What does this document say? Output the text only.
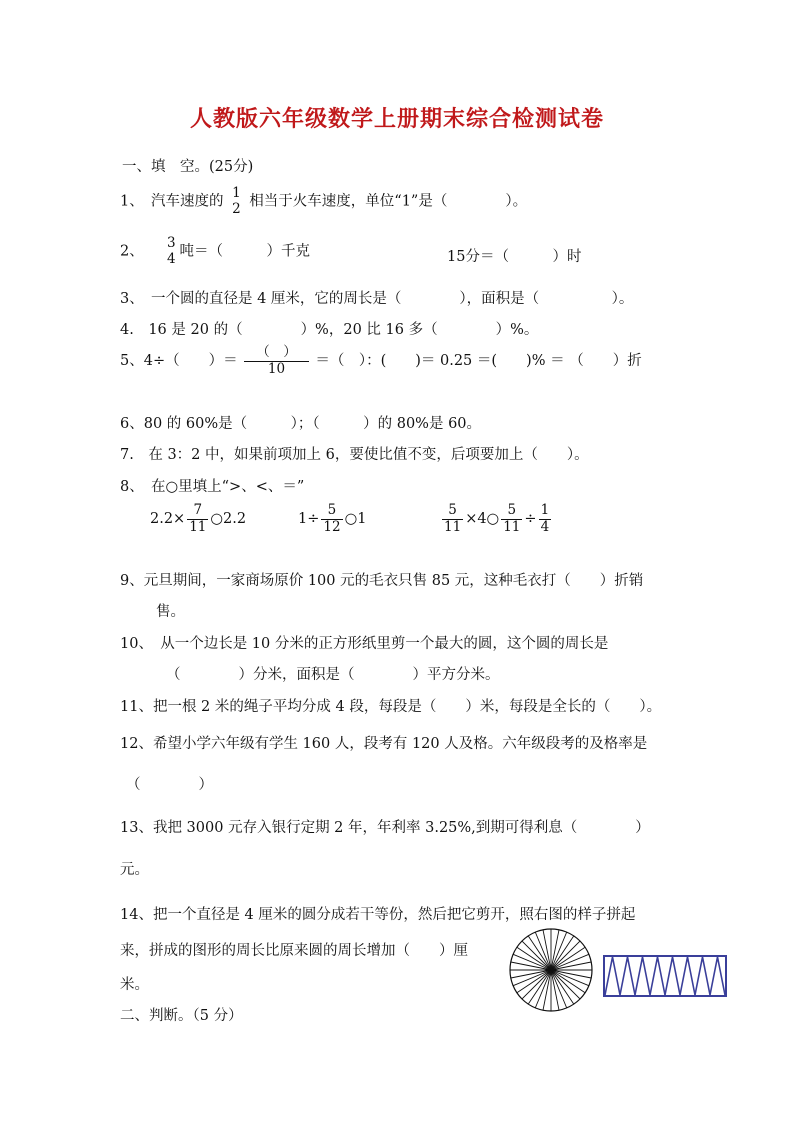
人教版六年级数学上册期末综合检测试卷
一、填　空。(25分)
1、　汽车速度的
1
2 相当于火车速度，单位“1”是（　　　　）。
2、
3
4 吨＝（　　　）千克	15分＝（　　　）时
3、　一个圆的直径是 4 厘米，它的周长是（　　　　），面积是（　　　　　）。
4.　16 是 20 的（　　　　）%，20 比 16 多（　　　　）%。
5、4÷（　　）＝ $\frac{( )}{10}$ ＝（　）：(　　)＝ 0.25 ＝(　　)% ＝ （　　）折
6、80 的 60%是（　　　）；（　　　）的 80%是 60。
7.　在 3：2 中，如果前项加上 6，要使比值不变，后项要加上（　　）。
8、　在○里填上“>、<、＝”
$2.2\times \frac{7}{11}$ ○2.2	$1\div \frac{5}{12}$ ○1	$\frac{5}{11}$ ×4○ $\frac{5}{11} \div \frac{1}{4}$
9、元旦期间，一家商场原价 100 元的毛衣只售 85 元，这种毛衣打（　　）折销
售。
10、　从一个边长是 10 分米的正方形纸里剪一个最大的圆，这个圆的周长是
（　　　　）分米，面积是（　　　　）平方分米。
11、把一根 2 米的绳子平均分成 4 段，每段是（　　）米，每段是全长的（　　）。
12、希望小学六年级有学生 160 人，段考有 120 人及格。六年级段考的及格率是
（　　　　）
13、我把 3000 元存入银行定期 2 年，年利率 3.25%,到期可得利息（　　　　）
元。
14、把一个直径是 4 厘米的圆分成若干等份，然后把它剪开，照右图的样子拼起
来，拼成的图形的周长比原来圆的周长增加（　　）厘
米。
二、判断。（5 分）
